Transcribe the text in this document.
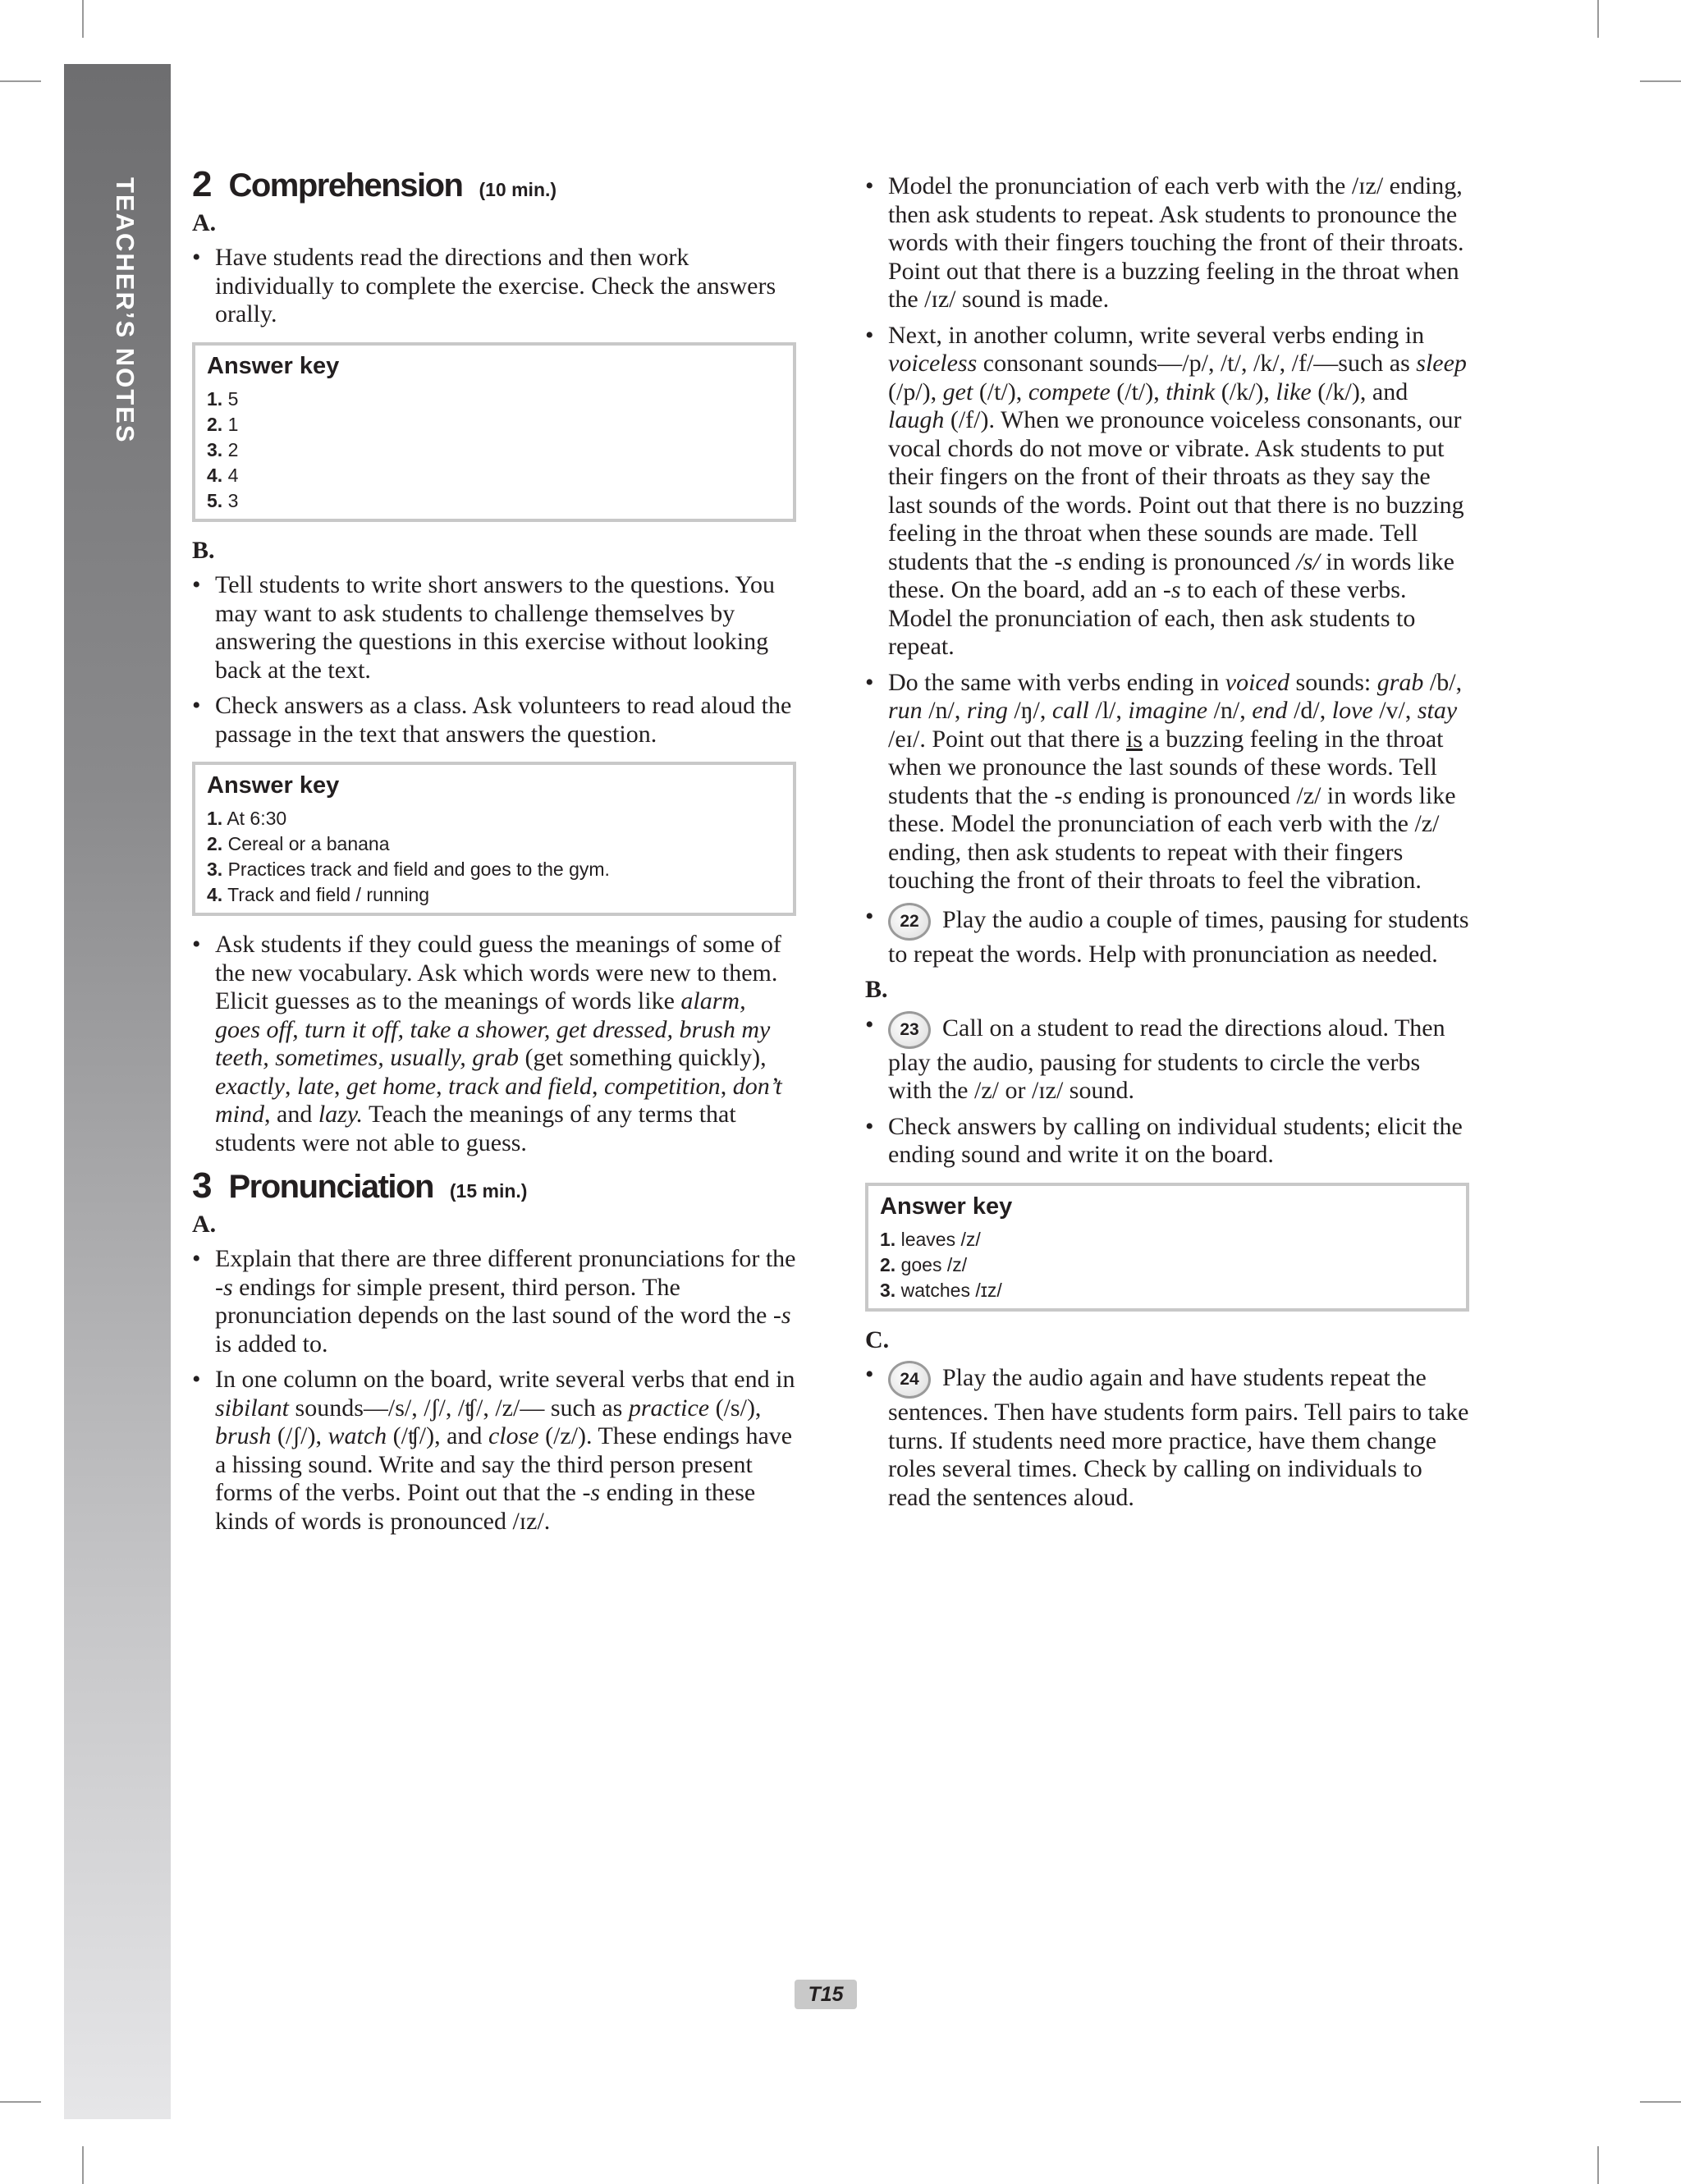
TEACHER’S NOTES 2 Comprehension (10 min.)
A.
• Have students read the directions and then work individually to complete the exercise. Check the answers orally.
Answer key
1. 5
2. 1
3. 2
4. 4
5. 3
B.
• Tell students to write short answers to the questions. You may want to ask students to challenge themselves by answering the questions in this exercise without looking back at the text.
• Check answers as a class. Ask volunteers to read aloud the passage in the text that answers the question.
Answer key
1. At 6:30
2. Cereal or a banana
3. Practices track and field and goes to the gym.
4. Track and field / running
• Ask students if they could guess the meanings of some of the new vocabulary. Ask which words were new to them. Elicit guesses as to the meanings of words like alarm, goes off, turn it off, take a shower, get dressed, brush my teeth, sometimes, usually, grab (get something quickly), exactly, late, get home, track and field, competition, don’t mind, and lazy. Teach the meanings of any terms that students were not able to guess.
3 Pronunciation (15 min.)
A.
• Explain that there are three different pronunciations for the -s endings for simple present, third person. The pronunciation depends on the last sound of the word the -s is added to.
• In one column on the board, write several verbs that end in sibilant sounds—/s/, /ʃ/, /ʧ/, /z/— such as practice (/s/), brush (/ʃ/), watch (/ʧ/), and close (/z/). These endings have a hissing sound. Write and say the third person present forms of the verbs. Point out that the -s ending in these kinds of words is pronounced /ɪz/.
• Model the pronunciation of each verb with the /ɪz/ ending, then ask students to repeat. Ask students to pronounce the words with their fingers touching the front of their throats. Point out that there is a buzzing feeling in the throat when the /ɪz/ sound is made.
• Next, in another column, write several verbs ending in voiceless consonant sounds—/p/, /t/, /k/, /f/—such as sleep (/p/), get (/t/), compete (/t/), think (/k/), like (/k/), and laugh (/f/). When we pronounce voiceless consonants, our vocal chords do not move or vibrate. Ask students to put their fingers on the front of their throats as they say the last sounds of the words. Point out that there is no buzzing feeling in the throat when these sounds are made. Tell students that the -s ending is pronounced /s/ in words like these. On the board, add an -s to each of these verbs. Model the pronunciation of each, then ask students to repeat.
• Do the same with verbs ending in voiced sounds: grab /b/, run /n/, ring /ŋ/, call /l/, imagine /n/, end /d/, love /v/, stay /eɪ/. Point out that there is a buzzing feeling in the throat when we pronounce the last sounds of these words. Tell students that the -s ending is pronounced /z/ in words like these. Model the pronunciation of each verb with the /z/ ending, then ask students to repeat with their fingers touching the front of their throats to feel the vibration.
• 22 Play the audio a couple of times, pausing for students to repeat the words. Help with pronunciation as needed.
B.
• 23 Call on a student to read the directions aloud. Then play the audio, pausing for students to circle the verbs with the /z/ or /ɪz/ sound.
• Check answers by calling on individual students; elicit the ending sound and write it on the board.
Answer key
1. leaves /z/
2. goes /z/
3. watches /ɪz/
C.
• 24 Play the audio again and have students repeat the sentences. Then have students form pairs. Tell pairs to take turns. If students need more practice, have them change roles several times. Check by calling on individuals to read the sentences aloud.
T15
